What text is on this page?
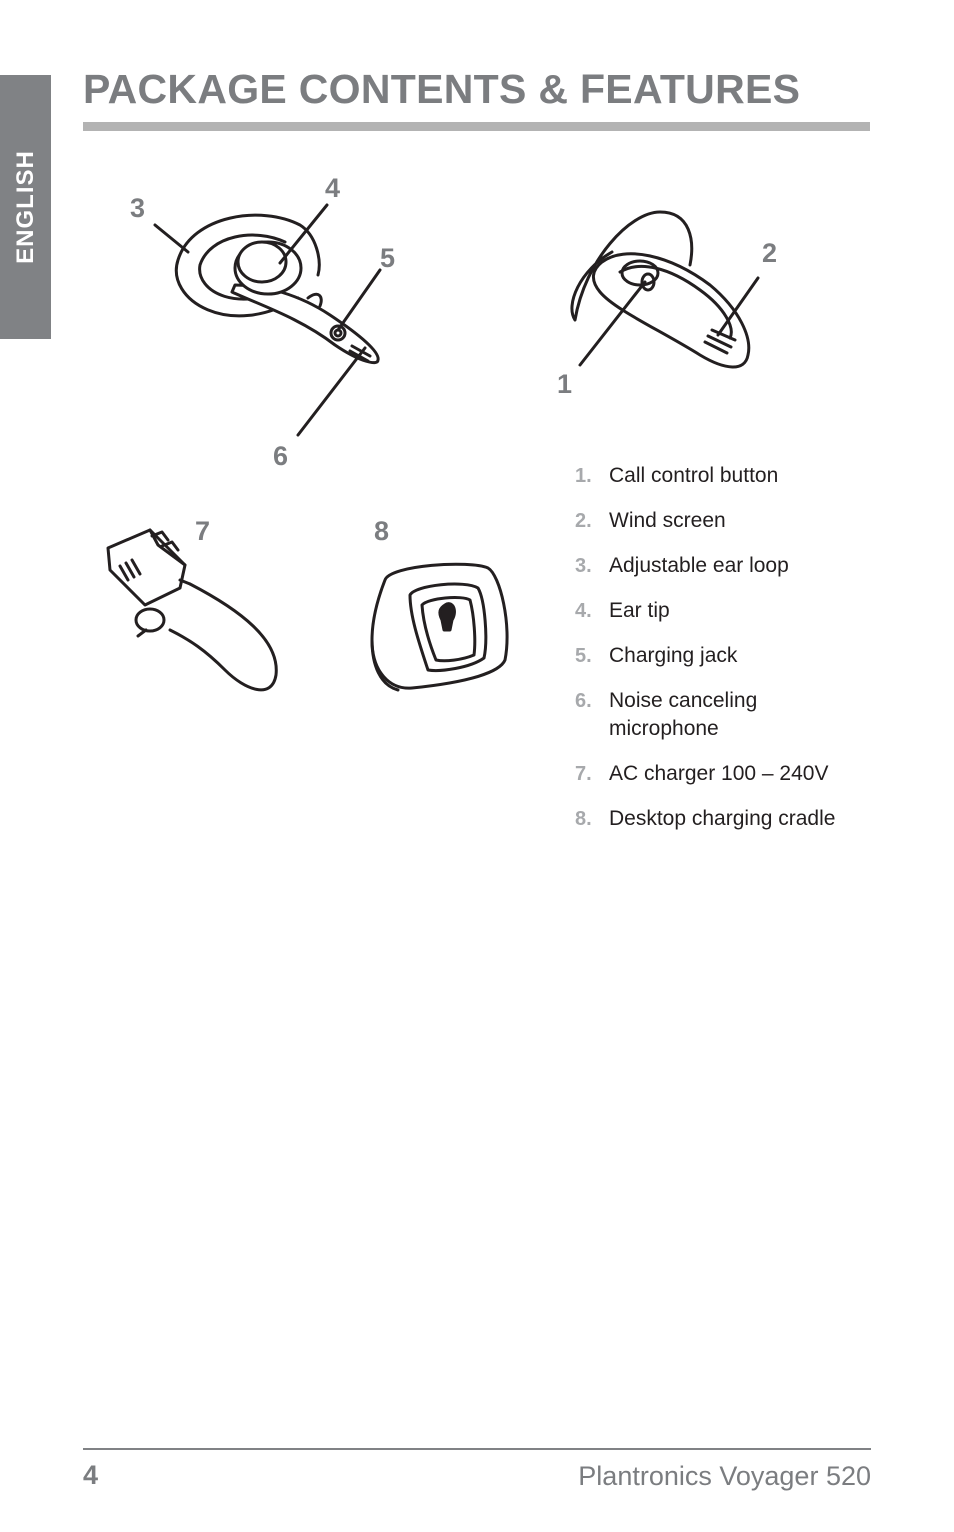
ENGLISH
PACKAGE CONTENTS & FEATURES
3
4
5
6
2
1
7	8
1. Call control button
2. Wind screen
3. Adjustable ear loop
4. Ear tip
5. Charging jack
6. Noise canceling microphone
7. AC charger 100 – 240V
8. Desktop charging cradle
4	Plantronics Voyager 520
